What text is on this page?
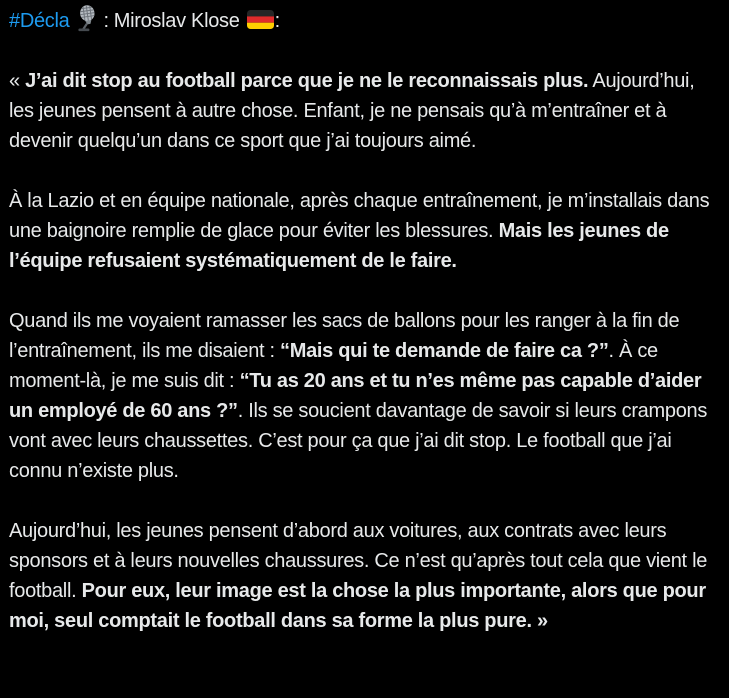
#Décla : Miroslav Klose :

« J’ai dit stop au football parce que je ne le reconnaissais plus. Aujourd’hui, les jeunes pensent à autre chose. Enfant, je ne pensais qu’à m’entraîner et à devenir quelqu’un dans ce sport que j’ai toujours aimé.

À la Lazio et en équipe nationale, après chaque entraînement, je m’installais dans une baignoire remplie de glace pour éviter les blessures. Mais les jeunes de l’équipe refusaient systématiquement de le faire.

Quand ils me voyaient ramasser les sacs de ballons pour les ranger à la fin de l’entraînement, ils me disaient : “Mais qui te demande de faire ca ?”. À ce moment-là, je me suis dit : “Tu as 20 ans et tu n’es même pas capable d’aider un employé de 60 ans ?”. Ils se soucient davantage de savoir si leurs crampons vont avec leurs chaussettes. C’est pour ça que j’ai dit stop. Le football que j’ai connu n’existe plus.

Aujourd’hui, les jeunes pensent d’abord aux voitures, aux contrats avec leurs sponsors et à leurs nouvelles chaussures. Ce n’est qu’après tout cela que vient le football. Pour eux, leur image est la chose la plus importante, alors que pour moi, seul comptait le football dans sa forme la plus pure. »
